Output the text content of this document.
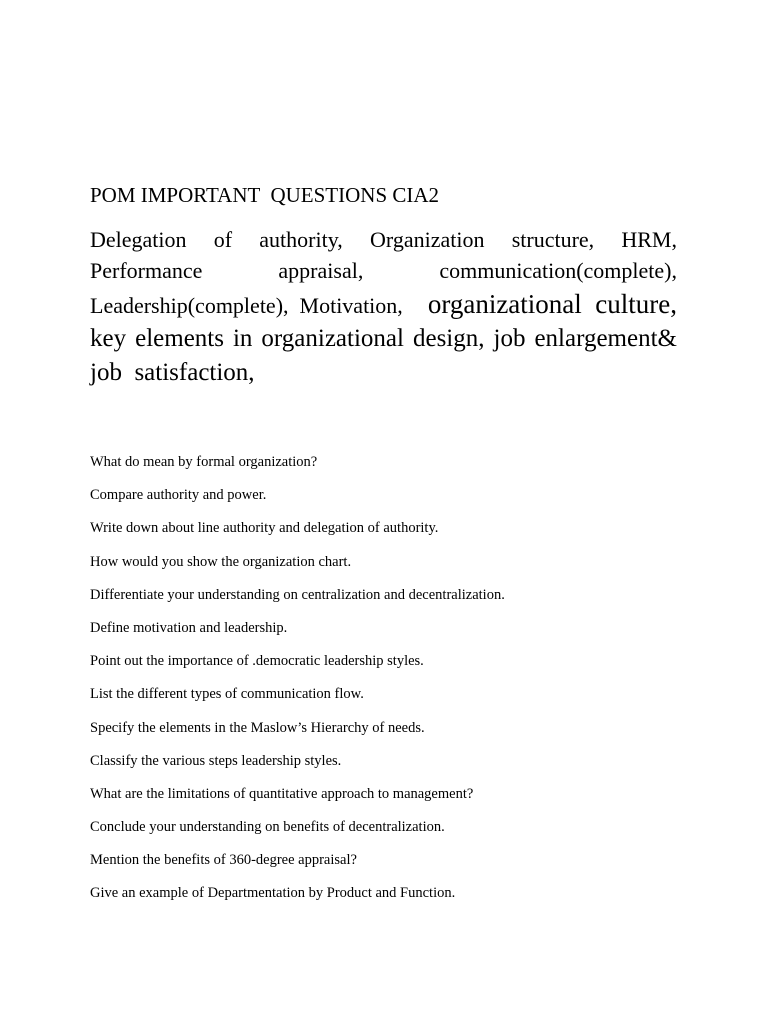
POM IMPORTANT  QUESTIONS CIA2
Delegation of authority, Organization structure, HRM,
Performance	appraisal,	communication(complete),
Leadership(complete),  Motivation, organizational  culture,
key elements in organizational design, job enlargement&
job  satisfaction,
What do mean by formal organization?
Compare authority and power.
Write down about line authority and delegation of authority.
How would you show the organization chart.
Differentiate your understanding on centralization and decentralization.
Define motivation and leadership.
Point out the importance of .democratic leadership styles.
List the different types of communication flow.
Specify the elements in the Maslow’s Hierarchy of needs.
Classify the various steps leadership styles.
What are the limitations of quantitative approach to management?
Conclude your understanding on benefits of decentralization.
Mention the benefits of 360-degree appraisal?
Give an example of Departmentation by Product and Function.
